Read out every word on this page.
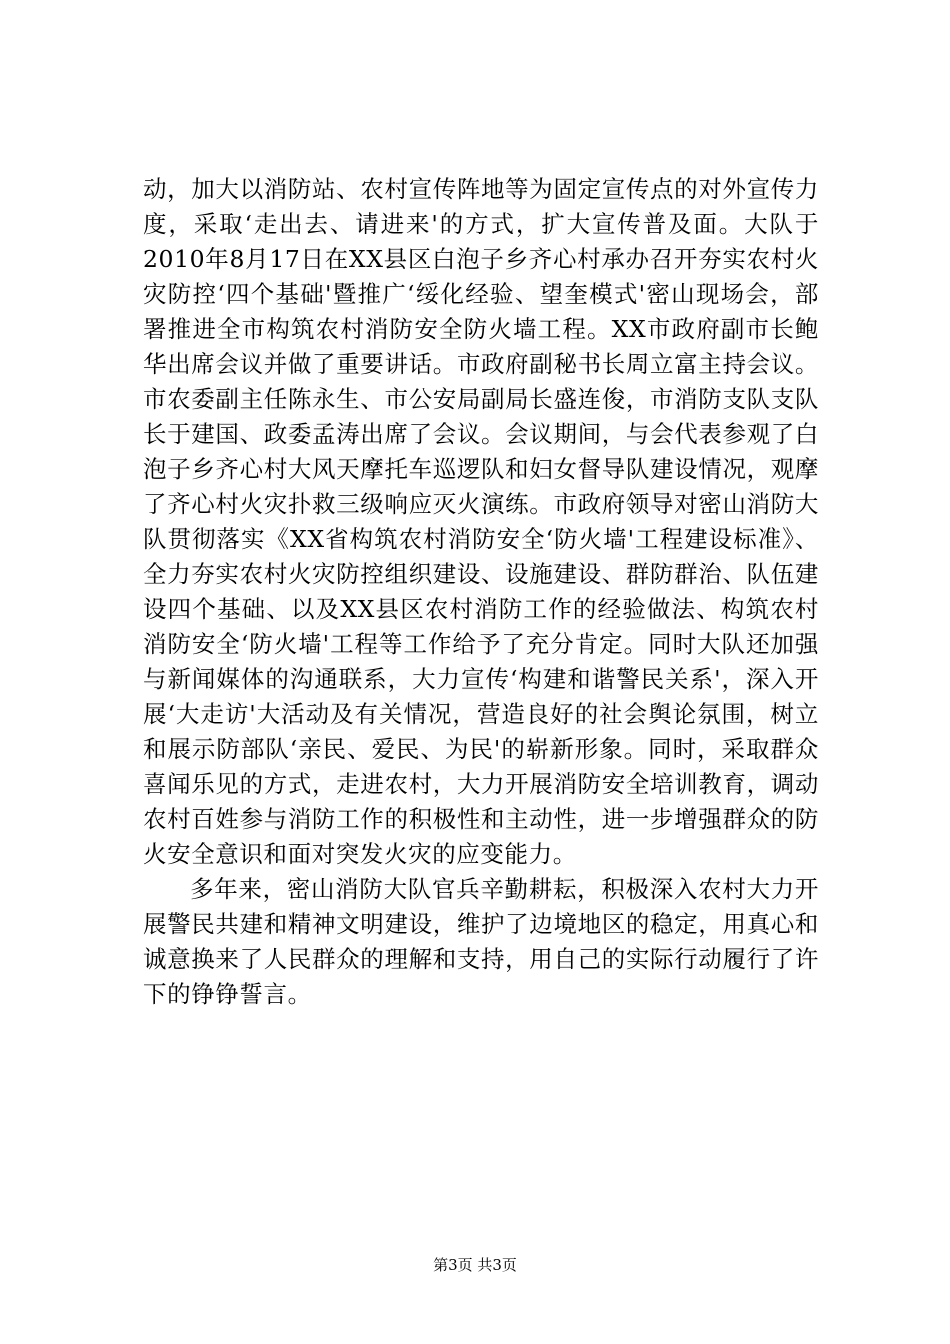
动，加大以消防站、农村宣传阵地等为固定宣传点的对外宣传力度，采取‘走出去、请进来'的方式，扩大宣传普及面。大队于2010年8月17日在XX县区白泡子乡齐心村承办召开夯实农村火灾防控‘四个基础'暨推广‘绥化经验、望奎模式'密山现场会，部署推进全市构筑农村消防安全防火墙工程。XX市政府副市长鲍华出席会议并做了重要讲话。市政府副秘书长周立富主持会议。市农委副主任陈永生、市公安局副局长盛连俊，市消防支队支队长于建国、政委孟涛出席了会议。会议期间，与会代表参观了白泡子乡齐心村大风天摩托车巡逻队和妇女督导队建设情况，观摩了齐心村火灾扑救三级响应灭火演练。市政府领导对密山消防大队贯彻落实《XX省构筑农村消防安全‘防火墙'工程建设标准》、全力夯实农村火灾防控组织建设、设施建设、群防群治、队伍建设四个基础、以及XX县区农村消防工作的经验做法、构筑农村消防安全‘防火墙'工程等工作给予了充分肯定。同时大队还加强与新闻媒体的沟通联系，大力宣传‘构建和谐警民关系'，深入开展‘大走访'大活动及有关情况，营造良好的社会舆论氛围，树立和展示防部队‘亲民、爱民、为民'的崭新形象。同时，采取群众喜闻乐见的方式，走进农村，大力开展消防安全培训教育，调动农村百姓参与消防工作的积极性和主动性，进一步增强群众的防火安全意识和面对突发火灾的应变能力。

多年来，密山消防大队官兵辛勤耕耘，积极深入农村大力开展警民共建和精神文明建设，维护了边境地区的稳定，用真心和诚意换来了人民群众的理解和支持，用自己的实际行动履行了许下的铮铮誓言。

第3页 共3页
